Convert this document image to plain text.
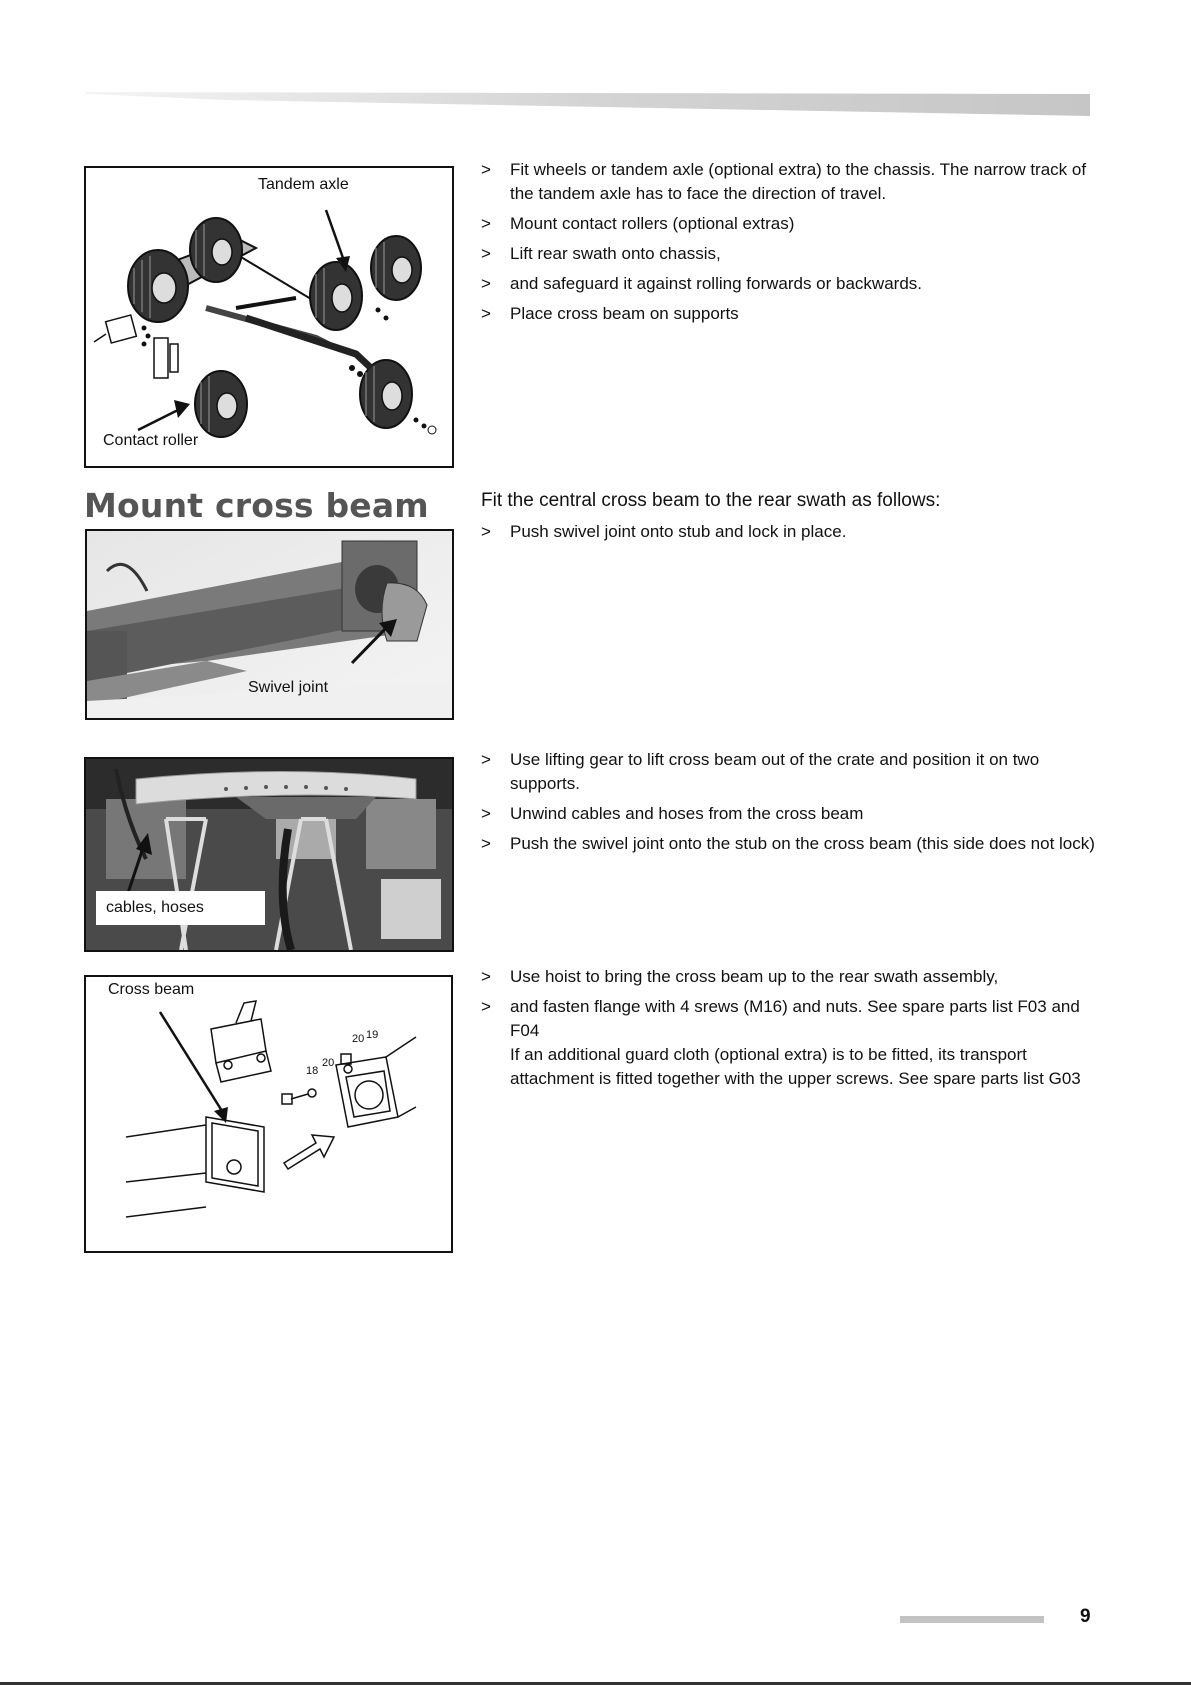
Tandem axle
Contact roller
Mount cross beam	Fit the central cross beam to the rear swath as follows:
Swivel joint
cables, hoses
Cross beam
18
20
20 19
> Fit wheels or tandem axle (optional extra) to the chassis. The narrow track of the tandem axle has to face the direction of travel.
> Mount contact rollers (optional extras)
> Lift rear swath onto chassis,
> and safeguard it against rolling forwards or backwards.
> Place cross beam on supports
> Push swivel joint onto stub and lock in place.
> Use lifting gear to lift cross beam out of the crate and position it on two supports.
> Unwind cables and hoses from the cross beam
> Push the swivel joint onto the stub on the cross beam (this side does not lock)
> Use hoist to bring the cross beam up to the rear swath assembly,
> and fasten flange with 4 srews (M16) and nuts. See spare parts list F03 and F04
If an additional guard cloth (optional extra) is to be fitted, its transport attachment is fitted together with the upper screws. See spare parts list G03
9
